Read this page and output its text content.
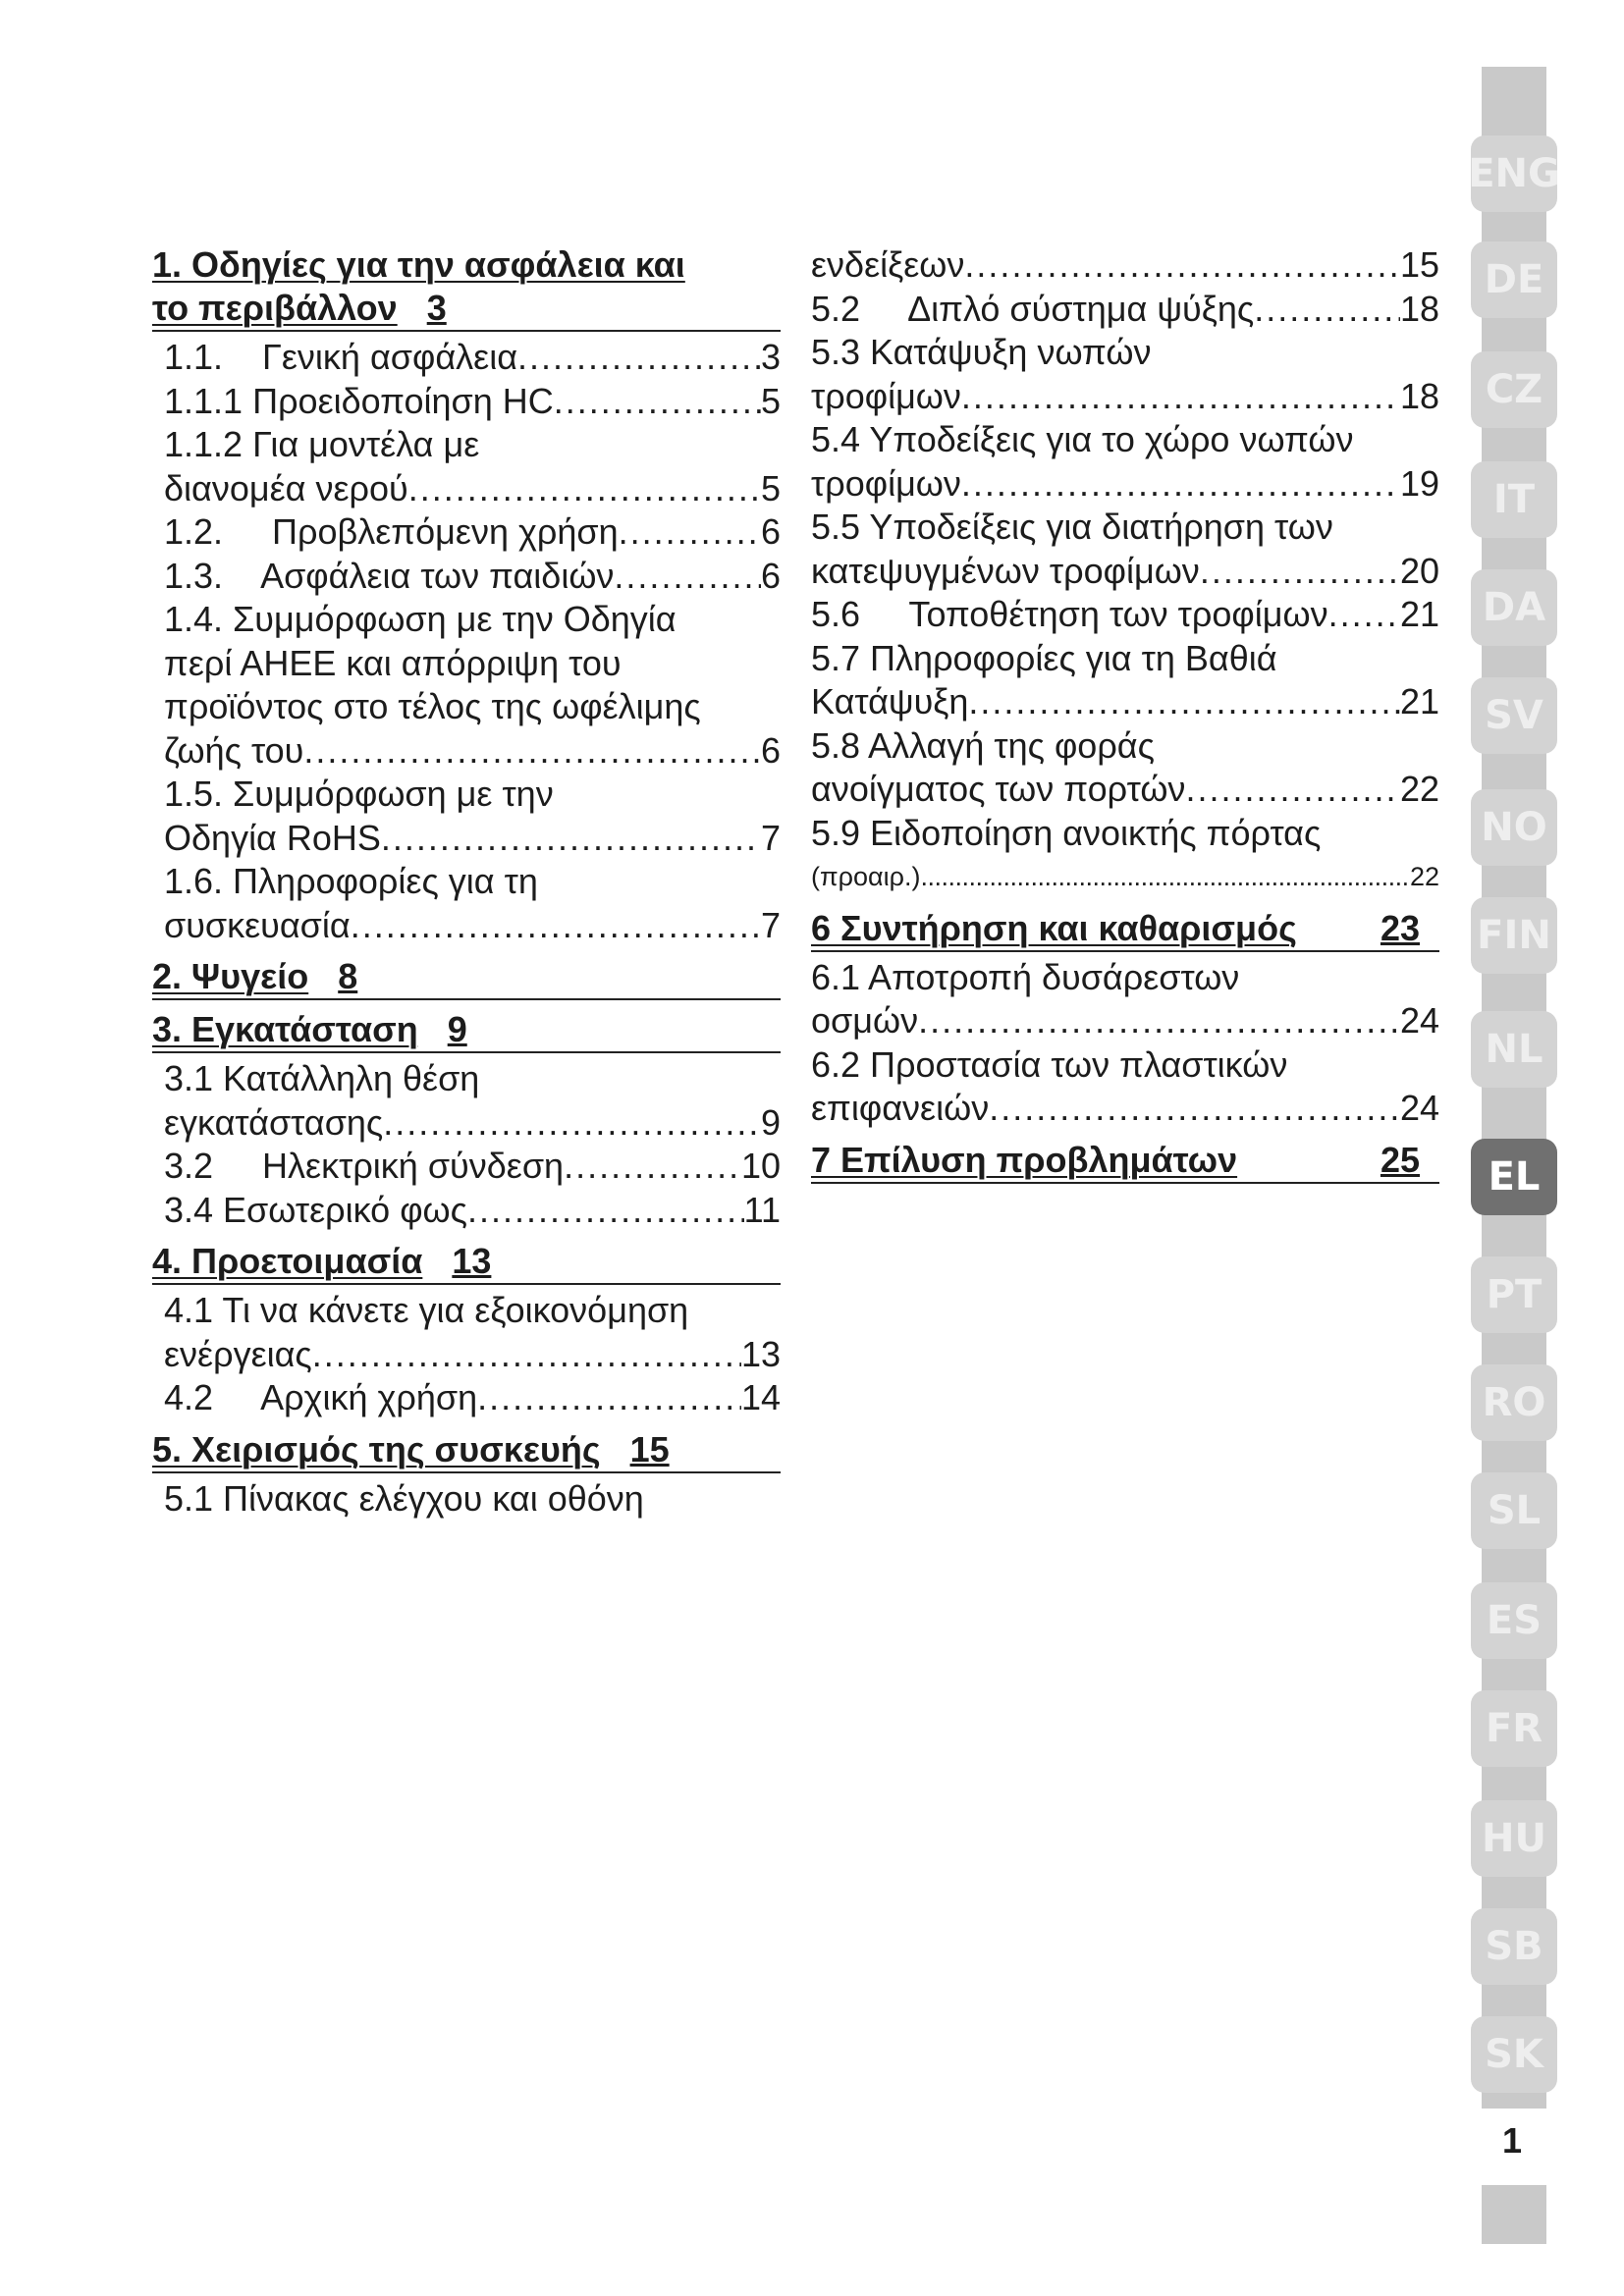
1. Οδηγίες για την ασφάλεια και
το περιβάλλον 3
1.1.    Γενική ασφάλεια . . .	3
1.1.1 Προειδοποίηση HC . . .	5
1.1.2 Για μοντέλα με
διανομέα νερού . . .	5
1.2.     Προβλεπόμενη χρήση . . .	6
1.3.    Ασφάλεια των παιδιών . . .	6
1.4. Συμμόρφωση με την Οδηγία
περί ΑΗΕΕ και απόρριψη του
προϊόντος στο τέλος της ωφέλιμης
ζωής του . . .	6
1.5. Συμμόρφωση με την
Οδηγία RoHS . . .	7
1.6. Πληροφορίες για τη
συσκευασία . . .	7
2. Ψυγείο 8
3. Εγκατάσταση 9
3.1 Κατάλληλη θέση
εγκατάστασης . . .	9
3.2     Ηλεκτρική σύνδεση . . .	10
3.4 Εσωτερικό φως . . .	11
4. Προετοιμασία 13
4.1 Τι να κάνετε για εξοικονόμηση
ενέργειας . . .	13
4.2     Αρχική χρήση . . .	14
5. Χειρισμός της συσκευής 15
5.1 Πίνακας ελέγχου και οθόνη
ενδείξεων . . .	15
5.2     Διπλό σύστημα ψύξης . . .	18
5.3 Κατάψυξη νωπών
τροφίμων . . .	18
5.4 Υποδείξεις για το χώρο νωπών
τροφίμων . . .	19
5.5 Υποδείξεις για διατήρηση των
κατεψυγμένων τροφίμων . . .	20
5.6     Τοποθέτηση των τροφίμων . . . 21
5.7 Πληροφορίες για τη Βαθιά
Κατάψυξη . . .	21
5.8 Αλλαγή της φοράς
ανοίγματος των πορτών . . .	22
5.9 Ειδοποίηση ανοικτής πόρτας
(προαιρ.) . . .	22
6 Συντήρηση και καθαρισμός 23
6.1 Αποτροπή δυσάρεστων
οσμών . . .	24
6.2 Προστασία των πλαστικών
επιφανειών . . .	24
7 Επίλυση προβλημάτων	25
ENG
DE
CZ
IT
DA
SV
NO
FIN
NL
EL
PT
RO
SL
ES
FR
HU
SB
SK
1
